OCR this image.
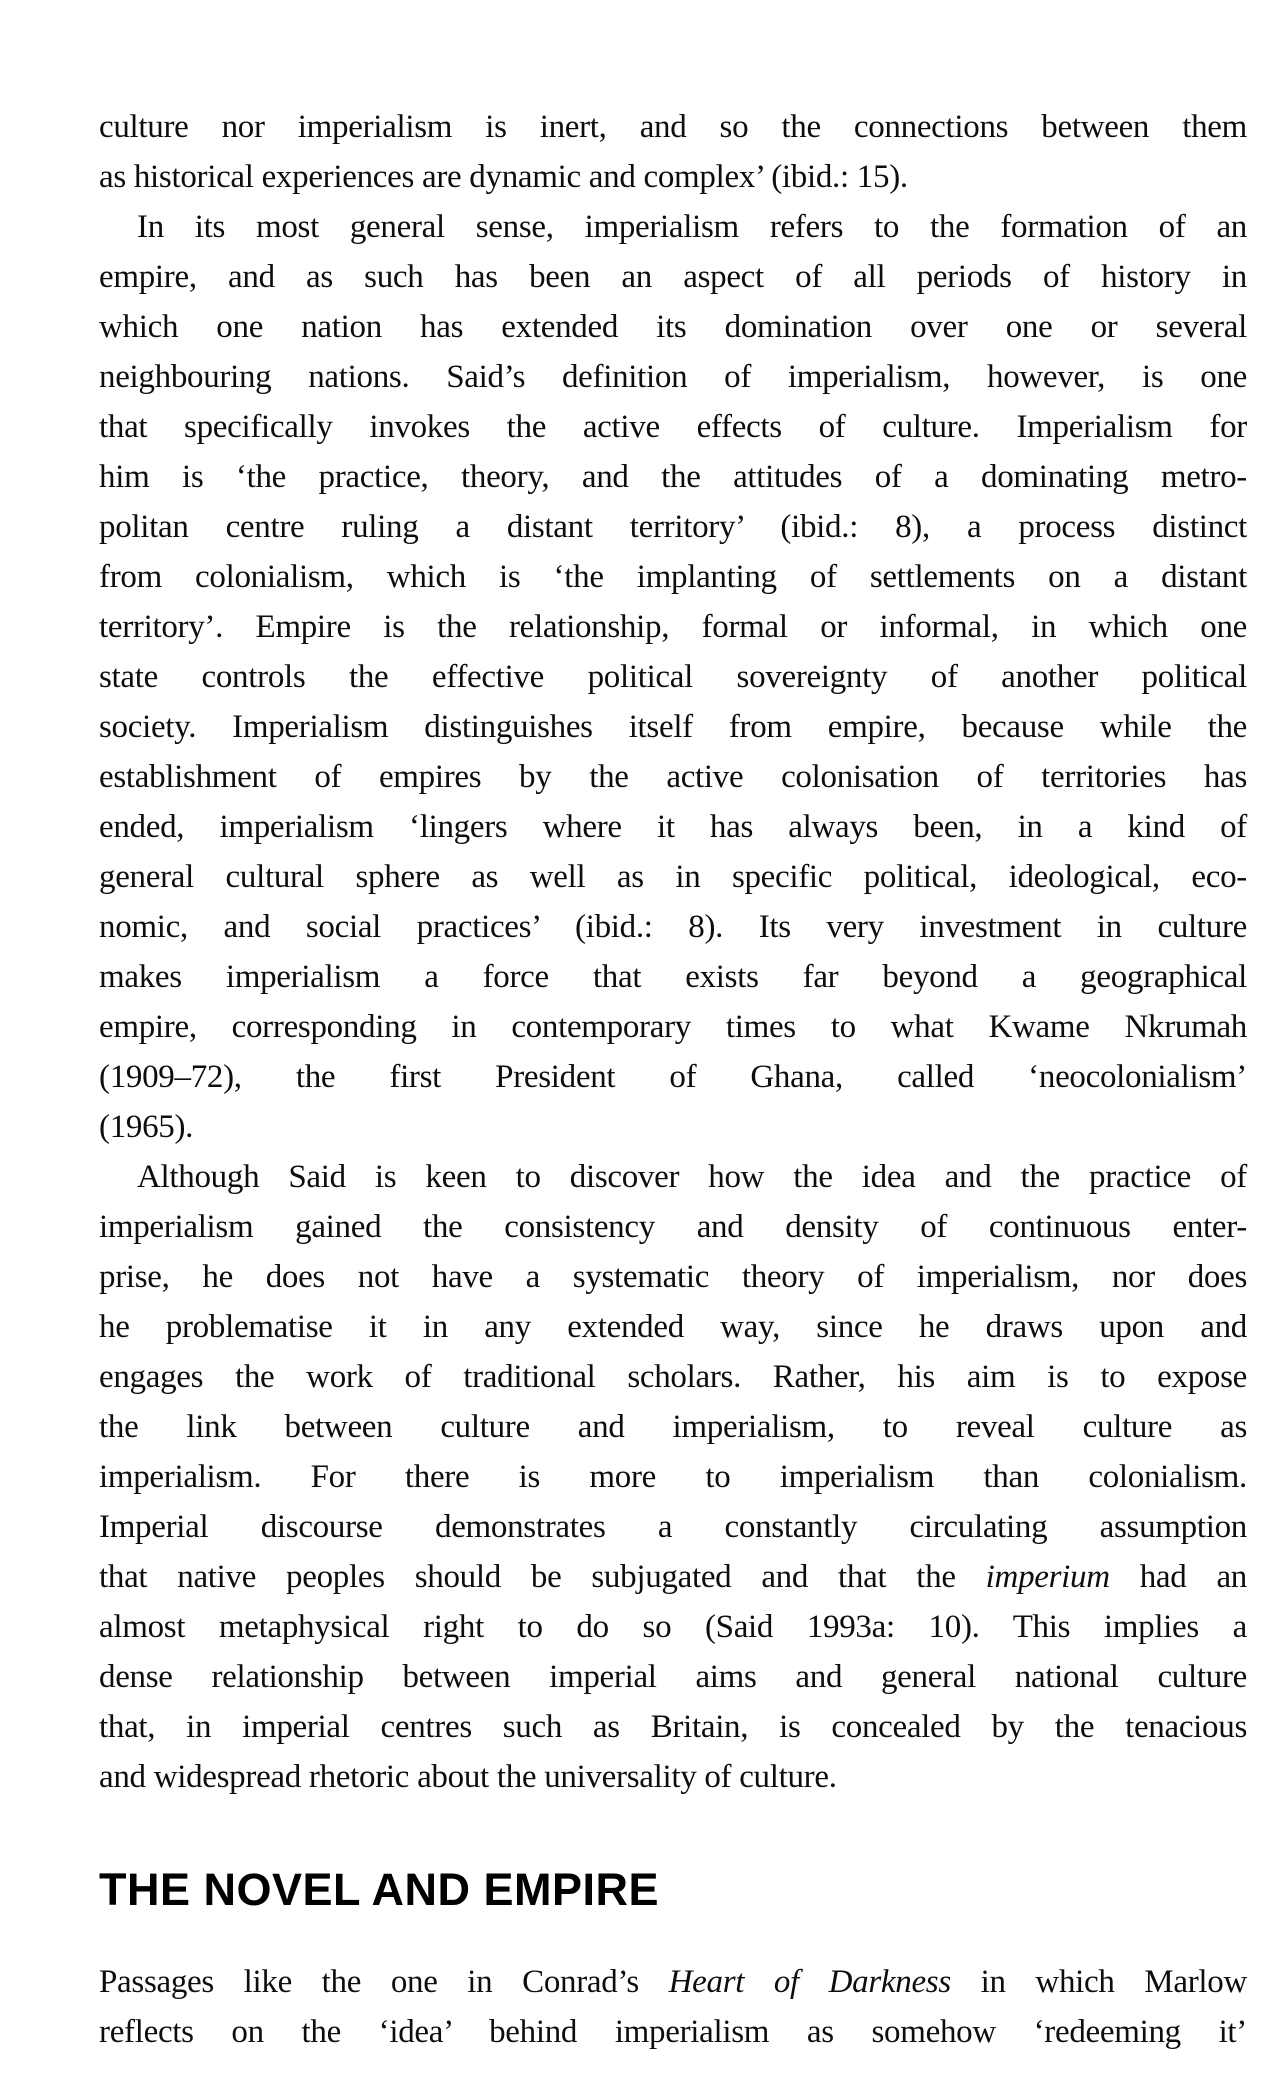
culture nor imperialism is inert, and so the connections between them
as historical experiences are dynamic and complex’ (ibid.: 15).
In its most general sense, imperialism refers to the formation of an
empire, and as such has been an aspect of all periods of history in
which one nation has extended its domination over one or several
neighbouring nations. Said’s definition of imperialism, however, is one
that specifically invokes the active effects of culture. Imperialism for
him is ‘the practice, theory, and the attitudes of a dominating metro-
politan centre ruling a distant territory’ (ibid.: 8), a process distinct
from colonialism, which is ‘the implanting of settlements on a distant
territory’. Empire is the relationship, formal or informal, in which one
state controls the effective political sovereignty of another political
society. Imperialism distinguishes itself from empire, because while the
establishment of empires by the active colonisation of territories has
ended, imperialism ‘lingers where it has always been, in a kind of
general cultural sphere as well as in specific political, ideological, eco-
nomic, and social practices’ (ibid.: 8). Its very investment in culture
makes imperialism a force that exists far beyond a geographical
empire, corresponding in contemporary times to what Kwame Nkrumah
(1909–72), the first President of Ghana, called ‘neocolonialism’
(1965).
Although Said is keen to discover how the idea and the practice of
imperialism gained the consistency and density of continuous enter-
prise, he does not have a systematic theory of imperialism, nor does
he problematise it in any extended way, since he draws upon and
engages the work of traditional scholars. Rather, his aim is to expose
the link between culture and imperialism, to reveal culture as
imperialism. For there is more to imperialism than colonialism.
Imperial discourse demonstrates a constantly circulating assumption
that native peoples should be subjugated and that the imperium had an
almost metaphysical right to do so (Said 1993a: 10). This implies a
dense relationship between imperial aims and general national culture
that, in imperial centres such as Britain, is concealed by the tenacious
and widespread rhetoric about the universality of culture.
THE NOVEL AND EMPIRE
Passages like the one in Conrad’s Heart of Darkness in which Marlow
reflects on the ‘idea’ behind imperialism as somehow ‘redeeming it’
